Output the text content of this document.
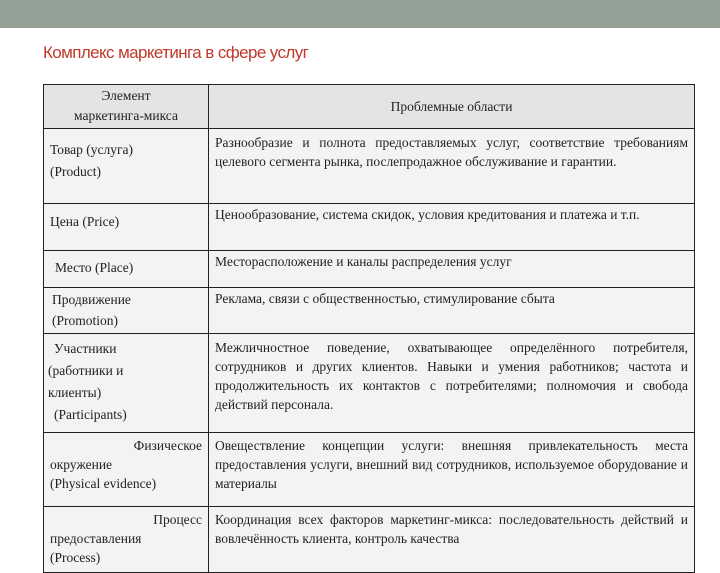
Комплекс маркетинга в сфере услуг
Элемент
маркетинга-микса	Проблемные области

Товар (услуга)
(Product)	Разнообразие и полнота предоставляемых услуг, соответствие требованиям целевого сегмента рынка, послепродажное обслуживание и гарантии.

Цена (Price)	Ценообразование, система скидок, условия кредитования и платежа и т.п.

Место (Place)	Месторасположение и каналы распределения услуг

Продвижение
(Promotion)	Реклама, связи с общественностью, стимулирование сбыта

Участники
(работники и
клиенты)
(Participants)
	Межличностное поведение, охватывающее определённого потребителя, сотрудников и других клиентов. Навыки и умения работников; частота и продолжительность их контактов с потребителями; полномочия и свобода действий персонала.

Физическое
окружение
(Physical evidence)	Овеществление концепции услуги: внешняя привлекательность места предоставления услуги, внешний вид сотрудников, используемое оборудование и материалы

Процесс
предоставления
(Process)	Координация всех факторов маркетинг-микса: последовательность действий и вовлечённость клиента, контроль качества
